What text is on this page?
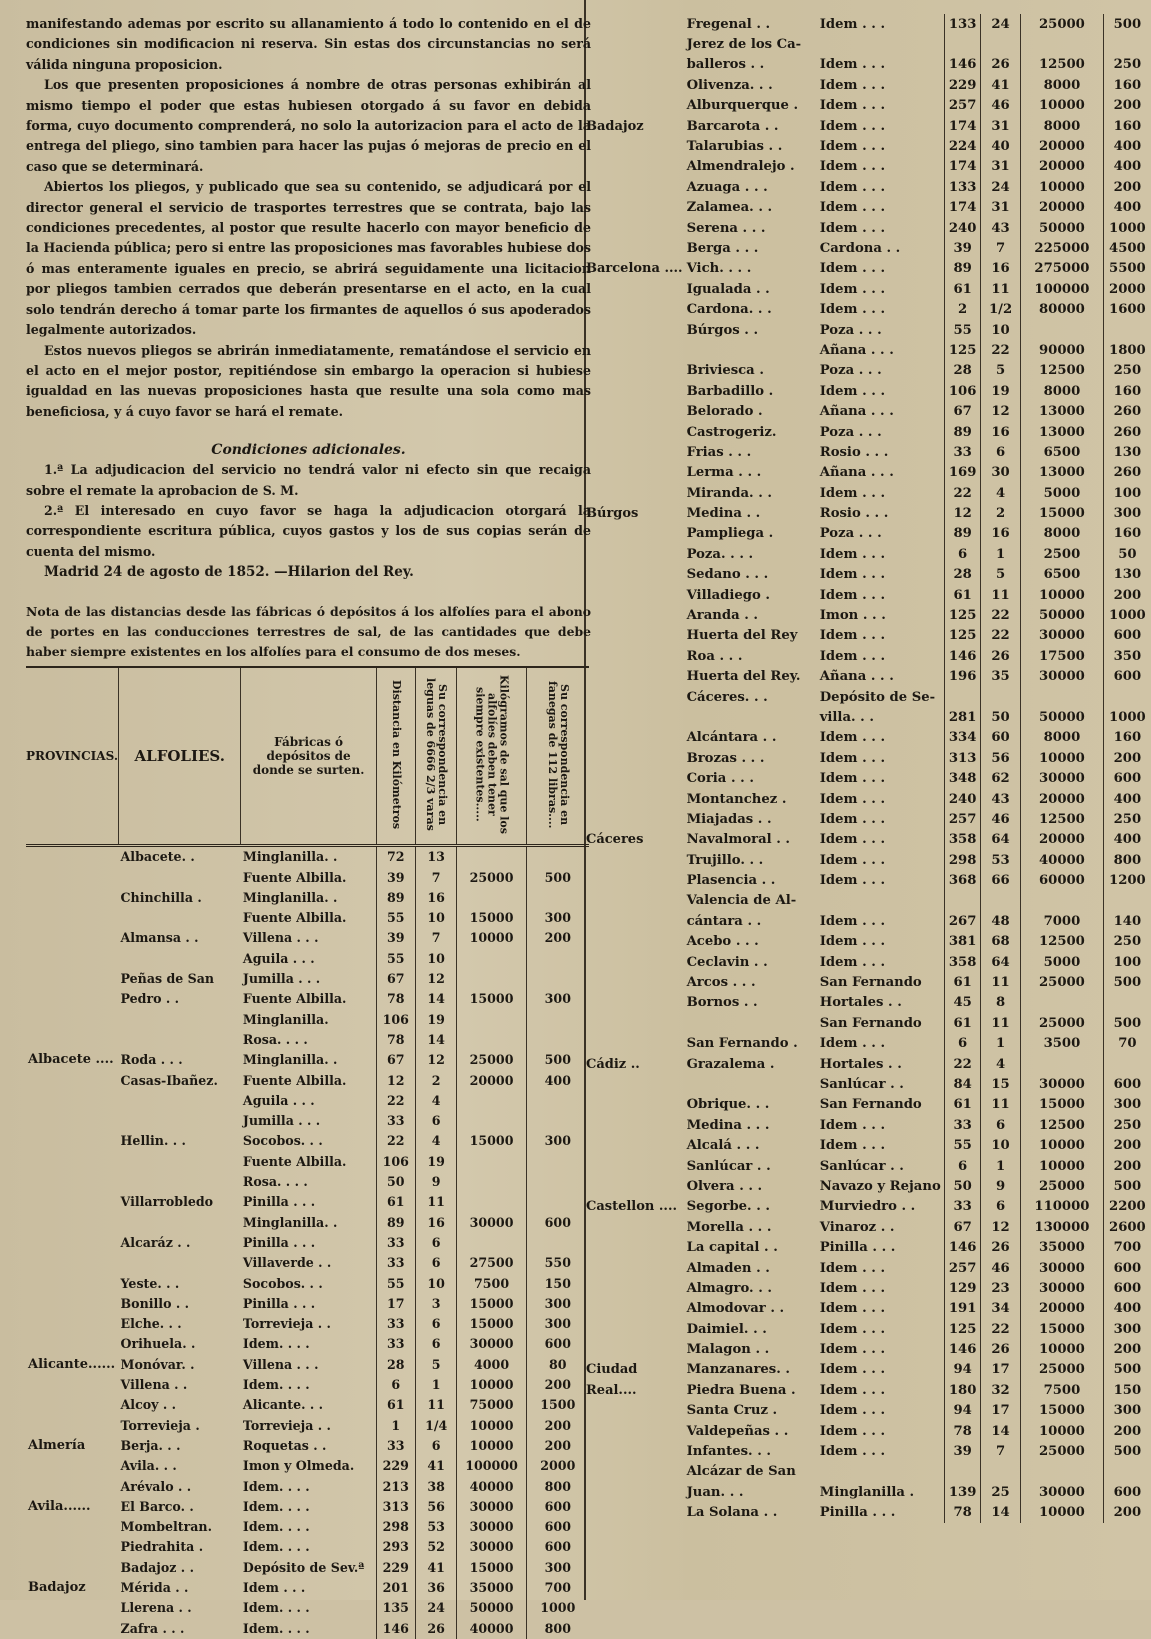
manifestando ademas por escrito su allanamiento á todo lo contenido en el de condiciones sin modificacion ni reserva. Sin estas dos circunstancias no será válida ninguna proposicion.

Los que presenten proposiciones á nombre de otras personas exhibirán al mismo tiempo el poder que estas hubiesen otorgado á su favor en debida forma, cuyo documento comprenderá, no solo la autorizacion para el acto de la entrega del pliego, sino tambien para hacer las pujas ó mejoras de precio en el caso que se determinará.

Abiertos los pliegos, y publicado que sea su contenido, se adjudicará por el director general el servicio de trasportes terrestres que se contrata, bajo las condiciones precedentes, al postor que resulte hacerlo con mayor beneficio de la Hacienda pública; pero si entre las proposiciones mas favorables hubiese dos ó mas enteramente iguales en precio, se abrirá seguidamente una licitacion por pliegos tambien cerrados que deberán presentarse en el acto, en la cual solo tendrán derecho á tomar parte los firmantes de aquellos ó sus apoderados legalmente autorizados.

Estos nuevos pliegos se abrirán inmediatamente, rematándose el servicio en el acto en el mejor postor, repitiéndose sin embargo la operacion si hubiese igualdad en las nuevas proposiciones hasta que resulte una sola como mas beneficiosa, y á cuyo favor se hará el remate.

Condiciones adicionales.

1.ª La adjudicacion del servicio no tendrá valor ni efecto sin que recaiga sobre el remate la aprobacion de S. M.

2.ª El interesado en cuyo favor se haga la adjudicacion otorgará la correspondiente escritura pública, cuyos gastos y los de sus copias serán de cuenta del mismo.

Madrid 24 de agosto de 1852. —Hilarion del Rey.

Nota de las distancias desde las fábricas ó depósitos á los alfolíes para el abono de portes en las conducciones terrestres de sal, de las cantidades que debe haber siempre existentes en los alfolíes para el consumo de dos meses.

PROVINCIAS.	ALFOLIES.	Fábricas ó depósitos de donde se surten.	Distancia en Kilómetros	Su correspondencia en leguas de 6666 2/3 varas	Kilógramos de sal que los alfolíes deben tener siempre existentes.....	Su correspondencia en fanegas de 112 libras....
	Albacete. .	Minglanilla. .	72	13		
		Fuente Albilla.	39	7	25000	500
	Chinchilla .	Minglanilla. .	89	16		
		Fuente Albilla.	55	10	15000	300
	Almansa . .	Villena . . .	39	7	10000	200
		Aguila . . .	55	10		
	Peñas de San	Jumilla . . .	67	12		
	Pedro . .	Fuente Albilla.	78	14	15000	300
		Minglanilla.	106	19		
		Rosa. . . .	78	14		
Albacete ....	Roda . . .	Minglanilla. .	67	12	25000	500
	Casas-Ibañez.	Fuente Albilla.	12	2	20000	400
		Aguila . . .	22	4		
		Jumilla . . .	33	6		
	Hellin. . .	Socobos. . .	22	4	15000	300
		Fuente Albilla.	106	19		
		Rosa. . . .	50	9		
	Villarrobledo	Pinilla . . .	61	11		
		Minglanilla. .	89	16	30000	600
	Alcaráz . .	Pinilla . . .	33	6		
		Villaverde . .	33	6	27500	550
	Yeste. . .	Socobos. . .	55	10	7500	150
	Bonillo . .	Pinilla . . .	17	3	15000	300
	Elche. . .	Torrevieja . .	33	6	15000	300
	Orihuela. .	Idem. . . .	33	6	30000	600
Alicante......	Monóvar. .	Villena . . .	28	5	4000	80
	Villena . .	Idem. . . .	6	1	10000	200
	Alcoy . .	Alicante. . .	61	11	75000	1500
	Torrevieja .	Torrevieja . .	1	1/4	10000	200
Almería	Berja. . .	Roquetas . .	33	6	10000	200
	Avila. . .	Imon y Olmeda.	229	41	100000	2000
	Arévalo . .	Idem. . . .	213	38	40000	800
Avila......	El Barco. .	Idem. . . .	313	56	30000	600
	Mombeltran.	Idem. . . .	298	53	30000	600
	Piedrahita .	Idem. . . .	293	52	30000	600
	Badajoz . .	Depósito de Sev.ª	229	41	15000	300
Badajoz	Mérida . .	Idem . . .	201	36	35000	700
	Llerena . .	Idem. . . .	135	24	50000	1000
	Zafra . . .	Idem. . . .	146	26	40000	800
	Fregenal . .	Idem . . .	133	24	25000	500
	Jerez de los Ca-					
	balleros . .	Idem . . .	146	26	12500	250
	Olivenza. . .	Idem . . .	229	41	8000	160
	Alburquerque .	Idem . . .	257	46	10000	200
Badajoz	Barcarota . .	Idem . . .	174	31	8000	160
	Talarubias . .	Idem . . .	224	40	20000	400
	Almendralejo .	Idem . . .	174	31	20000	400
	Azuaga . . .	Idem . . .	133	24	10000	200
	Zalamea. . .	Idem . . .	174	31	20000	400
	Serena . . .	Idem . . .	240	43	50000	1000
	Berga . . .	Cardona . .	39	7	225000	4500
Barcelona ....	Vich. . . .	Idem . . .	89	16	275000	5500
	Igualada . .	Idem . . .	61	11	100000	2000
	Cardona. . .	Idem . . .	2	1/2	80000	1600
	Búrgos . .	Poza . . .	55	10		
		Añana . . .	125	22	90000	1800
	Briviesca .	Poza . . .	28	5	12500	250
	Barbadillo .	Idem . . .	106	19	8000	160
	Belorado .	Añana . . .	67	12	13000	260
	Castrogeriz.	Poza . . .	89	16	13000	260
	Frias . . .	Rosio . . .	33	6	6500	130
	Lerma . . .	Añana . . .	169	30	13000	260
	Miranda. . .	Idem . . .	22	4	5000	100
Búrgos	Medina . .	Rosio . . .	12	2	15000	300
	Pampliega .	Poza . . .	89	16	8000	160
	Poza. . . .	Idem . . .	6	1	2500	50
	Sedano . . .	Idem . . .	28	5	6500	130
	Villadiego .	Idem . . .	61	11	10000	200
	Aranda . .	Imon . . .	125	22	50000	1000
	Huerta del Rey	Idem . . .	125	22	30000	600
	Roa . . .	Idem . . .	146	26	17500	350
	Huerta del Rey.	Añana . . .	196	35	30000	600
	Cáceres. . .	Depósito de Se-				
		villa. . .	281	50	50000	1000
	Alcántara . .	Idem . . .	334	60	8000	160
	Brozas . . .	Idem . . .	313	56	10000	200
	Coria . . .	Idem . . .	348	62	30000	600
	Montanchez .	Idem . . .	240	43	20000	400
	Miajadas . .	Idem . . .	257	46	12500	250
Cáceres	Navalmoral . .	Idem . . .	358	64	20000	400
	Trujillo. . .	Idem . . .	298	53	40000	800
	Plasencia . .	Idem . . .	368	66	60000	1200
	Valencia de Al-					
	cántara . .	Idem . . .	267	48	7000	140
	Acebo . . .	Idem . . .	381	68	12500	250
	Ceclavin . .	Idem . . .	358	64	5000	100
	Arcos . . .	San Fernando	61	11	25000	500
	Bornos . .	Hortales . .	45	8		
		San Fernando	61	11	25000	500
	San Fernando .	Idem . . .	6	1	3500	70
Cádiz ..	Grazalema .	Hortales . .	22	4		
		Sanlúcar . .	84	15	30000	600
	Obrique. . .	San Fernando	61	11	15000	300
	Medina . . .	Idem . . .	33	6	12500	250
	Alcalá . . .	Idem . . .	55	10	10000	200
	Sanlúcar . .	Sanlúcar . .	6	1	10000	200
	Olvera . . .	Navazo y Rejano	50	9	25000	500
Castellon ....	Segorbe. . .	Murviedro . .	33	6	110000	2200
	Morella . . .	Vinaroz . .	67	12	130000	2600
	La capital . .	Pinilla . . .	146	26	35000	700
	Almaden . .	Idem . . .	257	46	30000	600
	Almagro. . .	Idem . . .	129	23	30000	600
	Almodovar . .	Idem . . .	191	34	20000	400
	Daimiel. . .	Idem . . .	125	22	15000	300
	Malagon . .	Idem . . .	146	26	10000	200
Ciudad	Manzanares. .	Idem . . .	94	17	25000	500
Real....	Piedra Buena .	Idem . . .	180	32	7500	150
	Santa Cruz .	Idem . . .	94	17	15000	300
	Valdepeñas . .	Idem . . .	78	14	10000	200
	Infantes. . .	Idem . . .	39	7	25000	500
	Alcázar de San					
	Juan. . .	Minglanilla .	139	25	30000	600
	La Solana . .	Pinilla . . .	78	14	10000	200
